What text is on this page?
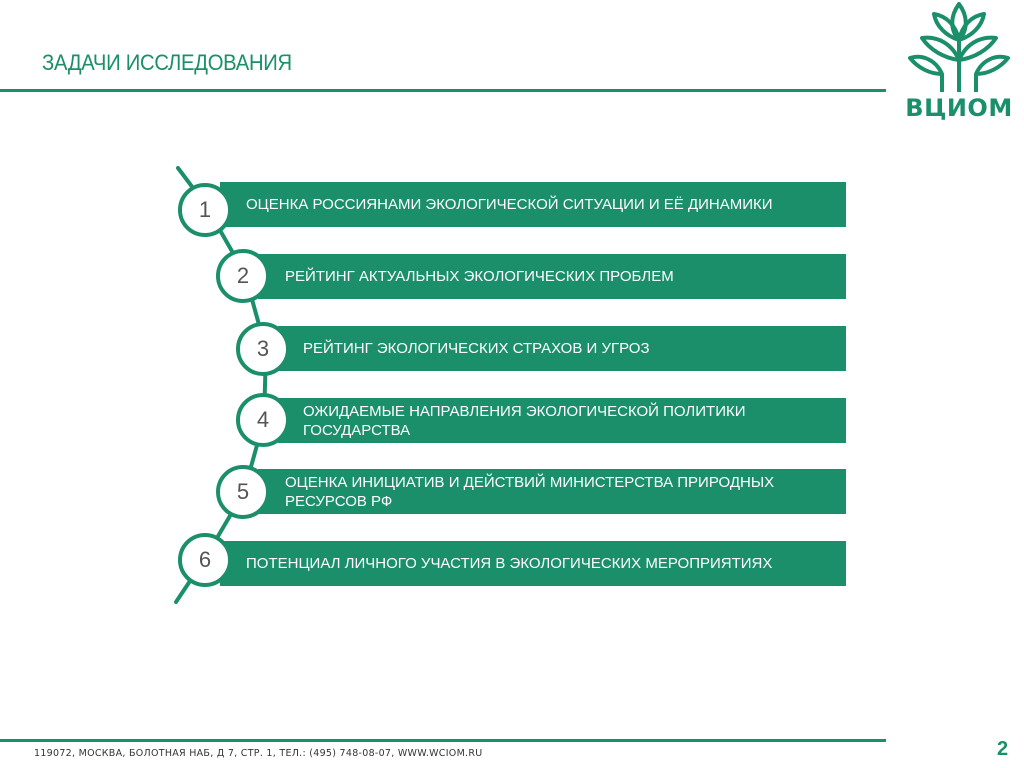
ЗАДАЧИ ИССЛЕДОВАНИЯ
ВЦИОМ
ОЦЕНКА РОССИЯНАМИ ЭКОЛОГИЧЕСКОЙ СИТУАЦИИ И ЕЁ ДИНАМИКИ
1
РЕЙТИНГ АКТУАЛЬНЫХ ЭКОЛОГИЧЕСКИХ ПРОБЛЕМ
2
РЕЙТИНГ ЭКОЛОГИЧЕСКИХ СТРАХОВ И УГРОЗ
3
ОЖИДАЕМЫЕ НАПРАВЛЕНИЯ ЭКОЛОГИЧЕСКОЙ ПОЛИТИКИ ГОСУДАРСТВА
4
ОЦЕНКА ИНИЦИАТИВ И ДЕЙСТВИЙ МИНИСТЕРСТВА ПРИРОДНЫХ РЕСУРСОВ РФ
5
ПОТЕНЦИАЛ ЛИЧНОГО УЧАСТИЯ В ЭКОЛОГИЧЕСКИХ МЕРОПРИЯТИЯХ
6
119072, МОСКВА, БОЛОТНАЯ НАБ, Д 7, СТР. 1, ТЕЛ.: (495) 748-08-07, WWW.WCIOM.RU	2
